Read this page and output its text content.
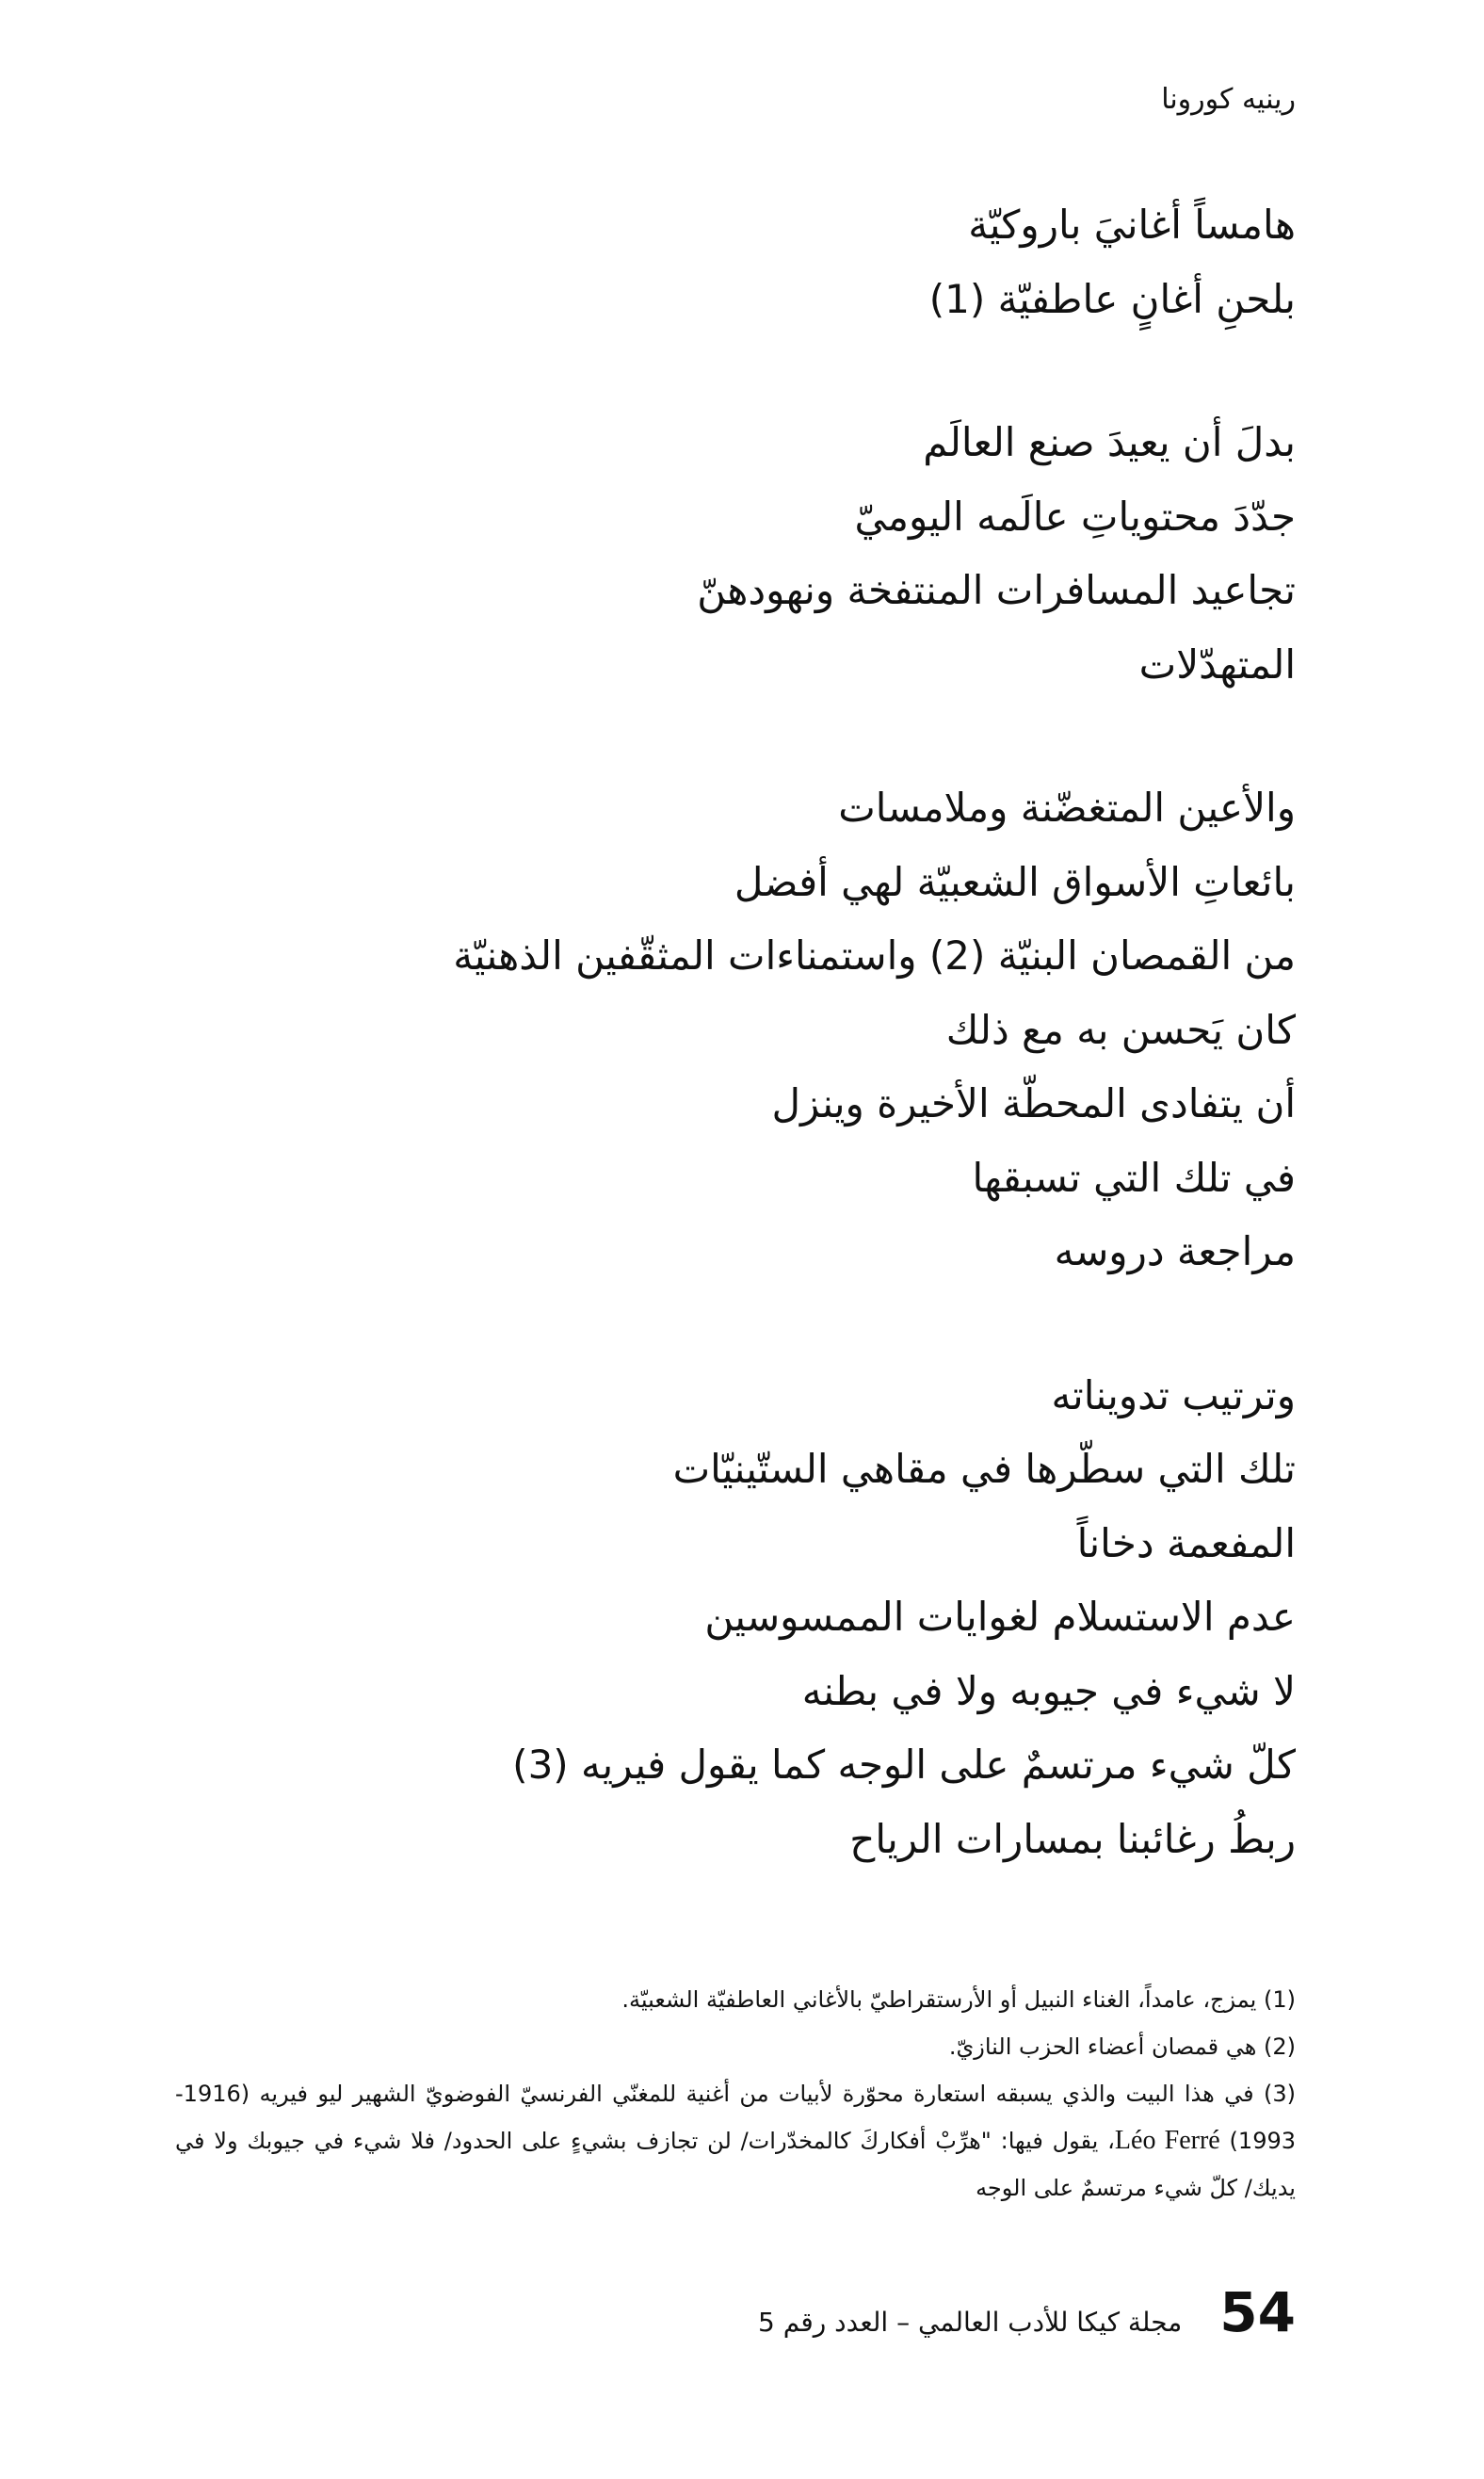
رينيه كورونا
هامساً أغانيَ باروكيّة
بلحنِ أغانٍ عاطفيّة (1)
بدلَ أن يعيدَ صنع العالَم
جدّدَ محتوياتِ عالَمه اليوميّ
تجاعيد المسافرات المنتفخة ونهودهنّ
المتهدّلات
والأعين المتغضّنة وملامسات
بائعاتِ الأسواق الشعبيّة لهي أفضل
من القمصان البنيّة (2) واستمناءات المثقّفين الذهنيّة
كان يَحسن به مع ذلك
أن يتفادى المحطّة الأخيرة وينزل
في تلك التي تسبقها
مراجعة دروسه
وترتيب تدويناته
تلك التي سطّرها في مقاهي الستّينيّات
المفعمة دخاناً
عدم الاستسلام لغوايات الممسوسين
لا شيء في جيوبه ولا في بطنه
كلّ شيء مرتسمٌ على الوجه كما يقول فيريه (3)
ربطُ رغائبنا بمسارات الرياح

(1) يمزج، عامداً، الغناء النبيل أو الأرستقراطيّ بالأغاني العاطفيّة الشعبيّة.

(2) هي قمصان أعضاء الحزب النازيّ.

(3) في هذا البيت والذي يسبقه استعارة محوّرة لأبيات من أغنية للمغنّي الفرنسيّ الفوضويّ الشهير ليو فيريه (1916-1993) Léo Ferré، يقول فيها: "هرِّبْ أفكاركَ كالمخدّرات/ لن تجازف بشيءٍ على الحدود/ فلا شيء في جيوبك ولا في يديك/ كلّ شيء مرتسمٌ على الوجه

54
مجلة كيكا للأدب العالمي – العدد رقم 5
